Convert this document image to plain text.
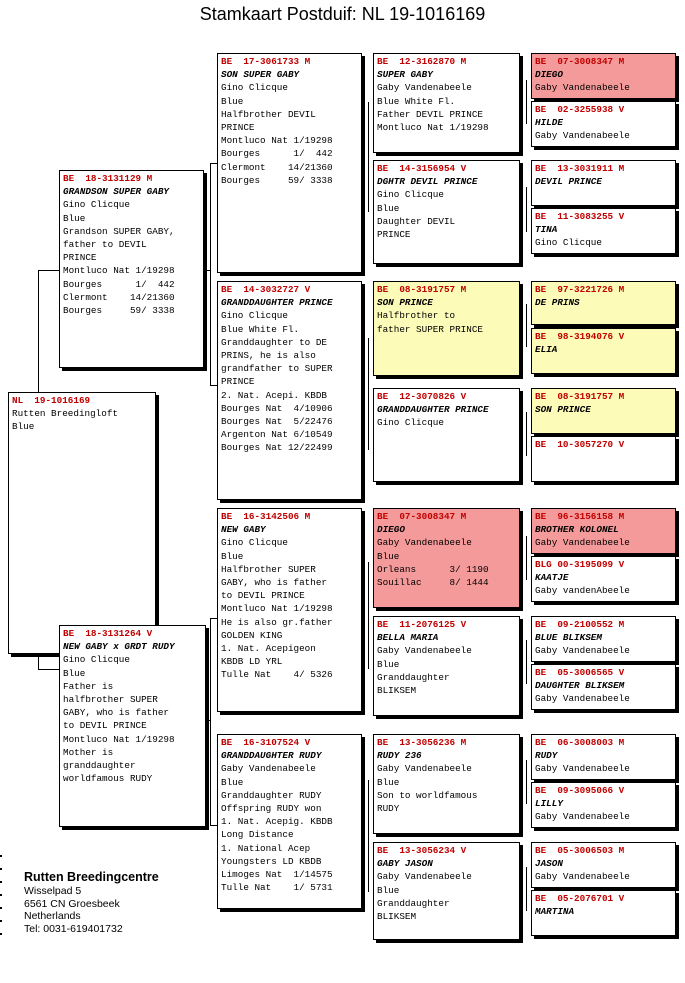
Stamkaart Postduif: NL 19-1016169
NL  19-1016169
Rutten Breedingloft
Blue
BE  18-3131129 M
GRANDSON SUPER GABY
Gino Clicque
Blue
Grandson SUPER GABY,
father to DEVIL
PRINCE
Montluco Nat 1/19298
Bourges      1/  442
Clermont    14/21360
Bourges     59/ 3338
BE  18-3131264 V
NEW GABY x GRDT RUDY
Gino Clicque
Blue
Father is
halfbrother SUPER
GABY, who is father
to DEVIL PRINCE
Montluco Nat 1/19298
Mother is
granddaughter
worldfamous RUDY
BE  17-3061733 M
SON SUPER GABY
Gino Clicque
Blue
Halfbrother DEVIL
PRINCE
Montluco Nat 1/19298
Bourges      1/  442
Clermont    14/21360
Bourges     59/ 3338
BE  14-3032727 V
GRANDDAUGHTER PRINCE
Gino Clicque
Blue White Fl.
Granddaughter to DE
PRINS, he is also
grandfather to SUPER
PRINCE
2. Nat. Acepi. KBDB
Bourges Nat  4/10906
Bourges Nat  5/22476
Argenton Nat 6/10549
Bourges Nat 12/22499
BE  16-3142506 M
NEW GABY
Gino Clicque
Blue
Halfbrother SUPER
GABY, who is father
to DEVIL PRINCE
Montluco Nat 1/19298
He is also gr.father
GOLDEN KING
1. Nat. Acepigeon
KBDB LD YRL
Tulle Nat    4/ 5326
BE  16-3107524 V
GRANDDAUGHTER RUDY
Gaby Vandenabeele
Blue
Granddaughter RUDY
Offspring RUDY won
1. Nat. Acepig. KBDB
Long Distance
1. National Acep
Youngsters LD KBDB
Limoges Nat  1/14575
Tulle Nat    1/ 5731
BE  12-3162870 M
SUPER GABY
Gaby Vandenabeele
Blue White Fl.
Father DEVIL PRINCE
Montluco Nat 1/19298
BE  14-3156954 V
DGHTR DEVIL PRINCE
Gino Clicque
Blue
Daughter DEVIL
PRINCE
BE  08-3191757 M
SON PRINCE
Halfbrother to
father SUPER PRINCE
BE  12-3070826 V
GRANDDAUGHTER PRINCE
Gino Clicque
BE  07-3008347 M
DIEGO
Gaby Vandenabeele
Blue
Orleans      3/ 1190
Souillac     8/ 1444
BE  11-2076125 V
BELLA MARIA
Gaby Vandenabeele
Blue
Granddaughter
BLIKSEM
BE  13-3056236 M
RUDY 236
Gaby Vandenabeele
Blue
Son to worldfamous
RUDY
BE  13-3056234 V
GABY JASON
Gaby Vandenabeele
Blue
Granddaughter
BLIKSEM
BE  07-3008347 M
DIEGO
Gaby Vandenabeele
BE  02-3255938 V
HILDE
Gaby Vandenabeele
BE  13-3031911 M
DEVIL PRINCE
BE  11-3083255 V
TINA
Gino Clicque
BE  97-3221726 M
DE PRINS
BE  98-3194076 V
ELIA
BE  08-3191757 M
SON PRINCE
BE  10-3057270 V
BE  96-3156158 M
BROTHER KOLONEL
Gaby Vandenabeele
BLG 00-3195099 V
KAATJE
Gaby vandenAbeele
BE  09-2100552 M
BLUE BLIKSEM
Gaby Vandenabeele
BE  05-3006565 V
DAUGHTER BLIKSEM
Gaby Vandenabeele
BE  06-3008003 M
RUDY
Gaby Vandenabeele
BE  09-3095066 V
LILLY
Gaby Vandenabeele
BE  05-3006503 M
JASON
Gaby Vandenabeele
BE  05-2076701 V
MARTINA
Rutten Breedingcentre
Wisselpad 5
6561 CN Groesbeek
Netherlands
Tel: 0031-619401732
